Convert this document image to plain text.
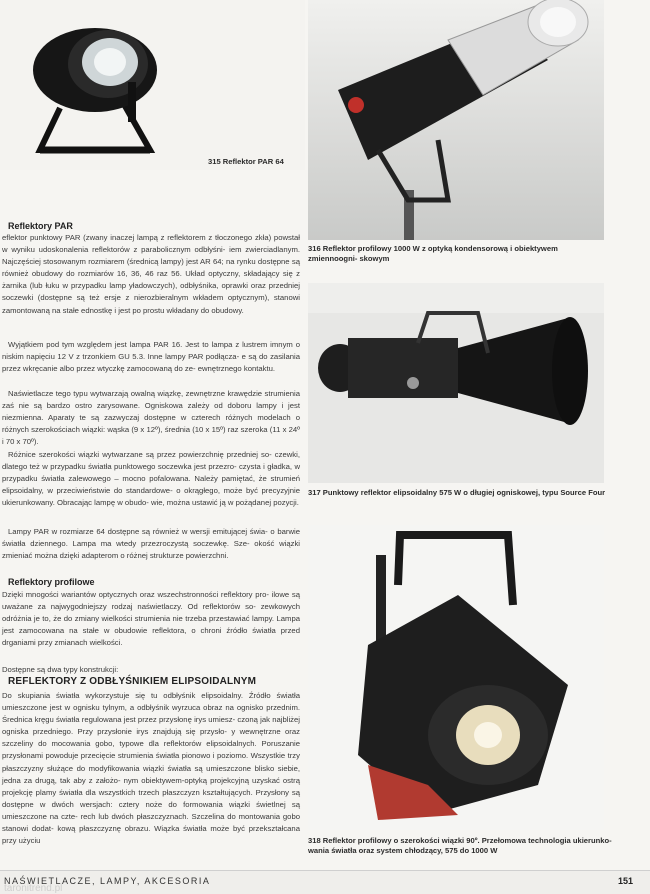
315 Reflektor PAR 64
316 Reflektor profilowy 1000 W z optyką kondensorową i obiektywem zmiennoogni- skowym
317 Punktowy reflektor elipsoidalny 575 W o długiej ogniskowej, typu Source Four
318 Reflektor profilowy o szerokości wiązki 90º. Przełomowa technologia ukierunko- wania światła oraz system chłodzący, 575 do 1000 W
Reflektory PAR

eflektor punktowy PAR (zwany inaczej lampą z reflektorem z tłoczonego zkła) powstał w wyniku udoskonalenia reflektorów z parabolicznym odbłyśni- iem zwierciadlanym. Najczęściej stosowanym rozmiarem (średnicą lampy) jest AR 64; na rynku dostępne są również obudowy do rozmiarów 16, 36, 46 raz 56. Układ optyczny, składający się z żarnika (lub łuku w przypadku lamp yładowczych), odbłyśnika, oprawki oraz przedniej soczewki (dostępne są też ersje z nierozbieralnym wkładem optycznym), stanowi zamontowaną na stałe ednostkę i jest po prostu wkładany do obudowy.

Wyjątkiem pod tym względem jest lampa PAR 16. Jest to lampa z lustrem imnym o niskim napięciu 12 V z trzonkiem GU 5.3. Inne lampy PAR podłącza- e są do zasilania przez wkręcanie albo przez wtyczkę zamocowaną do ze- ewnętrznego kontaktu.

Naświetlacze tego typu wytwarzają owalną wiązkę, zewnętrzne krawędzie strumienia zaś nie są bardzo ostro zarysowane. Ogniskowa zależy od doboru lampy i jest niezmienna. Aparaty te są zazwyczaj dostępne w czterech różnych modelach o różnych szerokościach wiązki: wąska (9 x 12º), średnia (10 x 15º) raz szeroka (11 x 24º i 70 x 70º).

Różnice szerokości wiązki wytwarzane są przez powierzchnię przedniej so- czewki, dlatego też w przypadku światła punktowego soczewka jest przezro- czysta i gładka, w przypadku światła zalewowego – mocno pofalowana. Należy pamiętać, że strumień elipsoidalny, w przeciwieństwie do standardowe- o okrągłego, może być precyzyjnie ukierunkowany. Obracając lampę w obudo- wie, można ustawić ją w pożądanej pozycji.

Lampy PAR w rozmiarze 64 dostępne są również w wersji emitującej świa- o barwie światła dziennego. Lampa ma wtedy przezroczystą soczewkę. Sze- okość wiązki zmieniać można dzięki adapterom o różnej strukturze powierzchni.

Reflektory profilowe

Dzięki mnogości wariantów optycznych oraz wszechstronności reflektory pro- ilowe są uważane za najwygodniejszy rodzaj naświetlaczy. Od reflektorów so- zewkowych odróżnia je to, że do zmiany wielkości strumienia nie trzeba przestawiać lampy. Lampa jest zamocowana na stałe w obudowie reflektora, o chroni źródło światła przed drganiami przy zmianach wielkości.

Dostępne są dwa typy konstrukcji:

REFLEKTORY Z ODBŁYŚNIKIEM ELIPSOIDALNYM

Do skupiania światła wykorzystuje się tu odbłyśnik elipsoidalny. Źródło światła umieszczone jest w ognisku tylnym, a odbłyśnik wyrzuca obraz na ognisko przednim. Średnica kręgu światła regulowana jest przez przysłonę irys umiesz- czoną jak najbliżej ogniska przedniego. Przy przysłonie irys znajdują się przysło- y wewnętrzne oraz szczeliny do mocowania gobo, typowe dla reflektorów elipsoidalnych. Poruszanie przysłonami powoduje przecięcie strumienia światła pionowo i poziomo. Wszystkie trzy płaszczyzny służące do modyfikowania wiązki światła są umieszczone blisko siebie, jedna za drugą, tak aby z założo- nym obiektywem-optyką projekcyjną uzyskać ostrą projekcję plamy światła dla wszystkich trzech płaszczyzn kształtujących. Przysłony są dostępne w dwóch wersjach: cztery noże do formowania wiązki świetlnej są umieszczone na czte- rech lub dwóch płaszczyznach. Szczelina do montowania gobo stanowi dodat- kową płaszczyznę obrazu. Wiązka światła może być przekształcana przy użyciu

taronitrend.pl
NAŚWIETLACZE, LAMPY, AKCESORIA	151
